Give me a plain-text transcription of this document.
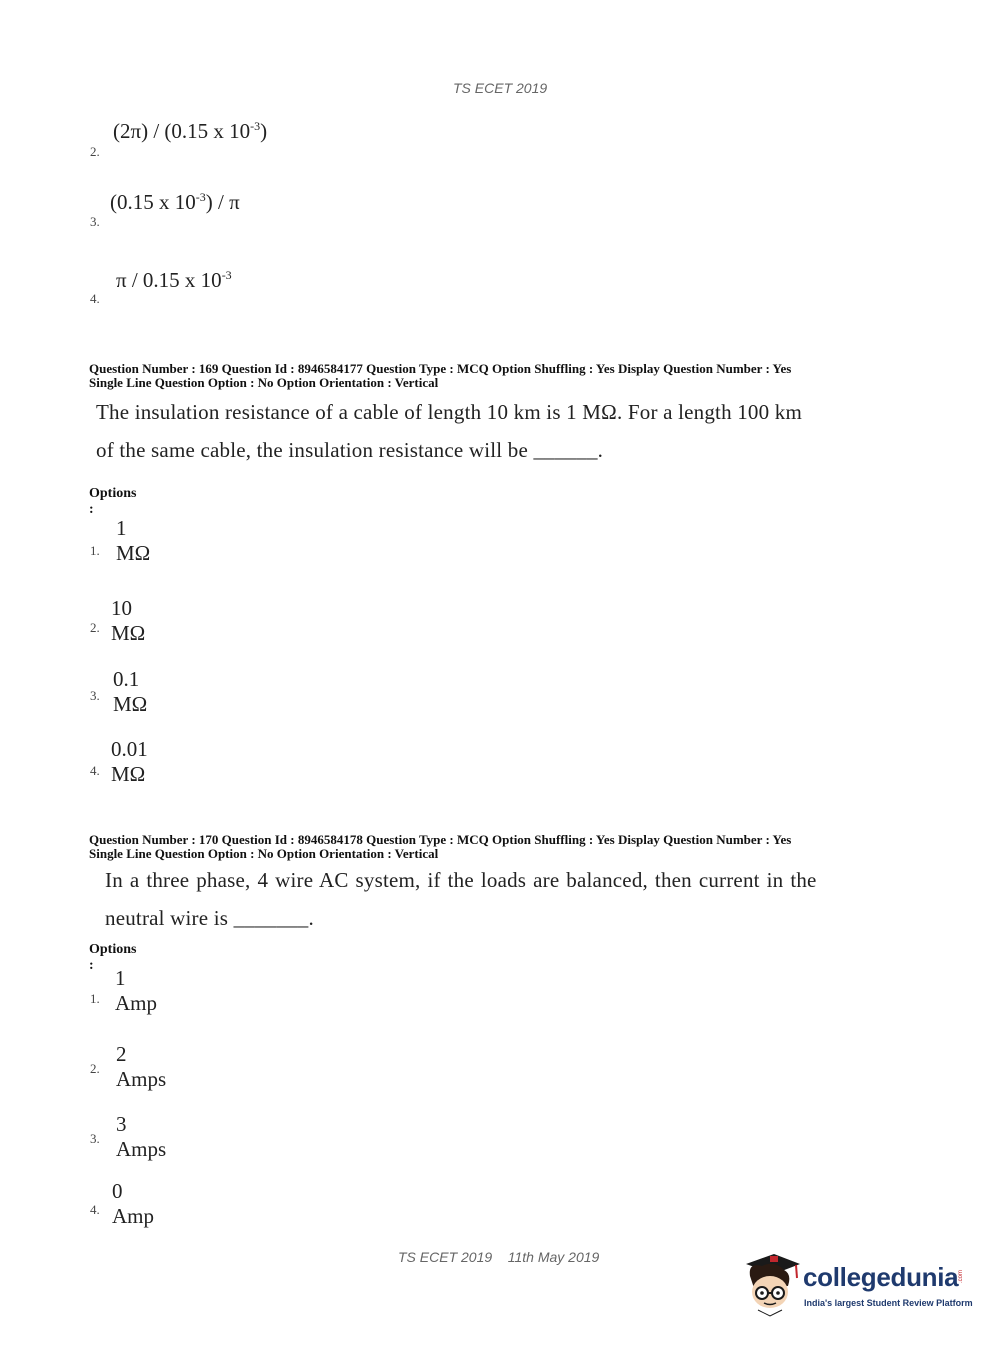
TS ECET 2019
(2π) / (0.15 x $10^{-3}$)
2.
(0.15 x $10^{-3}$) / π
3.
π / 0.15 x $10^{-3}$
4.
Question Number : 169 Question Id : 8946584177 Question Type : MCQ Option Shuffling : Yes Display Question Number : Yes
Single Line Question Option : No Option Orientation : Vertical
The insulation resistance of a cable of length 10 km is 1 MΩ. For a length 100 km
of the same cable, the insulation resistance will be ______.
Options :
1 MΩ
1.
10 MΩ
2.
0.1 MΩ
3.
0.01 MΩ
4.
Question Number : 170 Question Id : 8946584178 Question Type : MCQ Option Shuffling : Yes Display Question Number : Yes
Single Line Question Option : No Option Orientation : Vertical
In a three phase, 4 wire AC system, if the loads are balanced, then current in the
neutral wire is _______.
Options :
1 Amp
1.
2 Amps
2.
3 Amps
3.
0 Amp
4.
TS ECET 2019 11th May 2019
collegedunia .com
India's largest Student Review Platform
